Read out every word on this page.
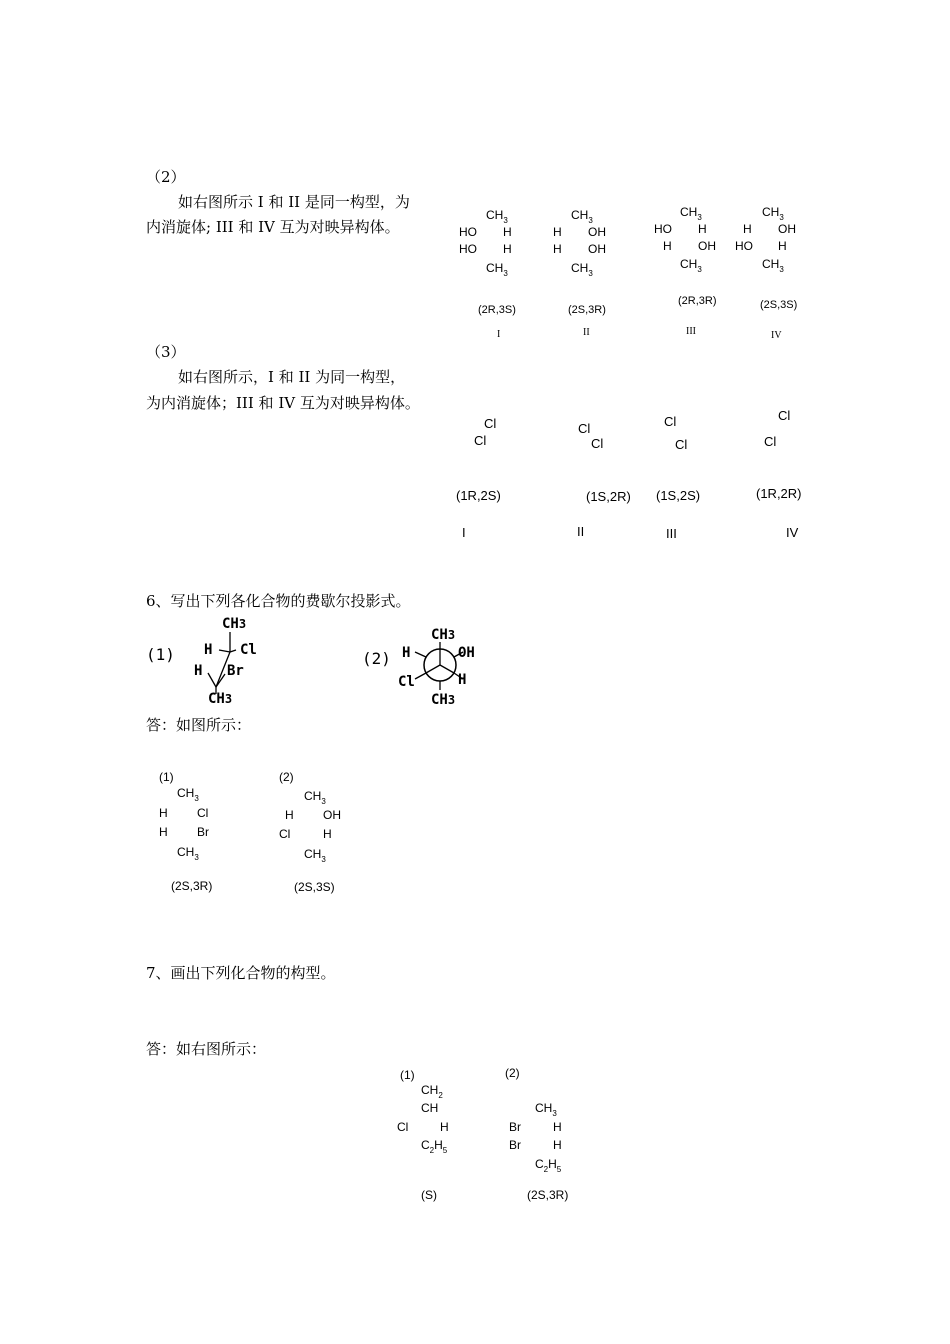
（2）
如右图所示 I 和 II 是同一构型，为
内消旋体; III 和 IV 互为对映异构体。
$CH_3$
HO H
HO H
$CH_3$
(2R,3S)
I
$CH_3$
H OH
H OH
$CH_3$
(2S,3R)
II
$CH_3$
HO H
H OH
$CH_3$
(2R,3R)
III
$CH_3$
H OH
HO H
$CH_3$
(2S,3S)
IV
（3）
如右图所示，I 和 II 为同一构型，
为内消旋体；III 和 IV 互为对映异构体。
Cl
Cl
(1R,2S)
I
Cl
Cl
(1S,2R)
II
Cl
Cl
(1S,2S)
III
Cl
Cl
(1R,2R)
IV
6、写出下列各化合物的费歇尔投影式。
(1)
CH3
H Cl
H Br
CH3
(2)
CH3
H	OH
Cl	H
CH3
答：如图所示：
(1)
$CH_3$
H Cl
H Br
$CH_3$
(2S,3R)
(2)
$CH_3$
H OH
Cl	H
$CH_3$
(2S,3S)
7、画出下列化合物的构型。
答：如右图所示：
(1)
$CH_2$
CH
Cl	H
$C_2H_5$
(S)
(2)
$CH_3$
Br	H
Br	H
$C_2H_5$
(2S,3R)
